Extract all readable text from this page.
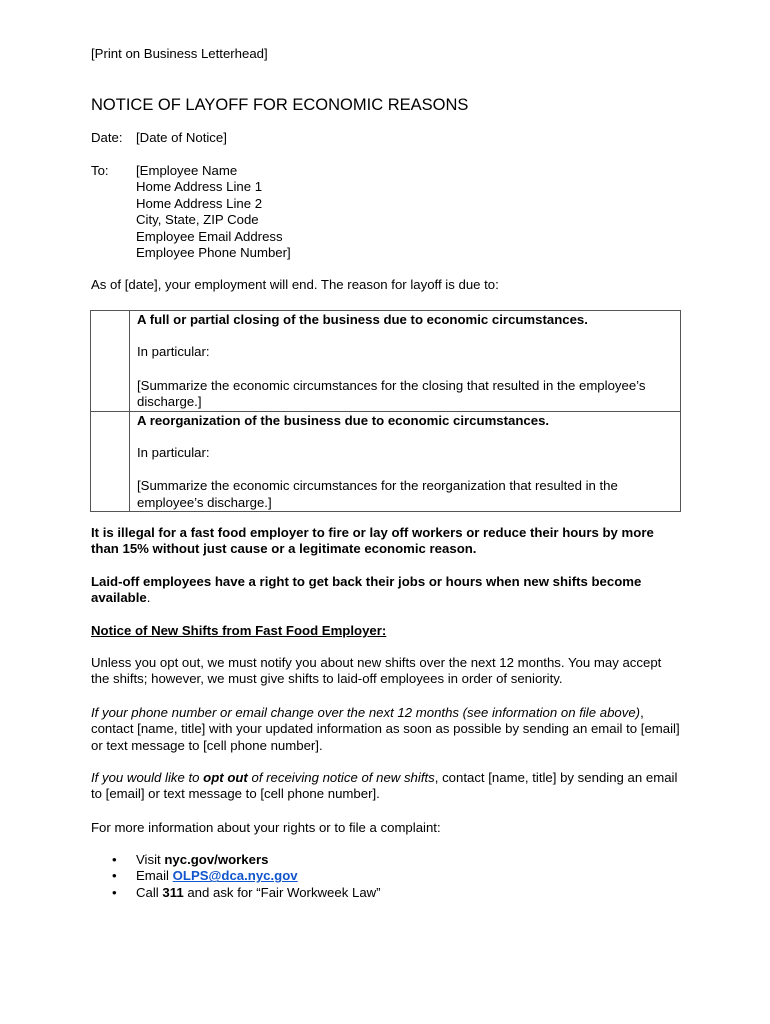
[Print on Business Letterhead]

NOTICE OF LAYOFF FOR ECONOMIC REASONS
Date:	[Date of Notice]
To:	[Employee Name
Home Address Line 1
Home Address Line 2
City, State, ZIP Code
Employee Email Address
Employee Phone Number]

As of [date], your employment will end. The reason for layoff is due to:

	A full or partial closing of the business due to economic circumstances.
In particular:
[Summarize the economic circumstances for the closing that resulted in the employee’s discharge.]

	A reorganization of the business due to economic circumstances.
In particular:
[Summarize the economic circumstances for the reorganization that resulted in the employee’s discharge.]

It is illegal for a fast food employer to fire or lay off workers or reduce their hours by more than 15% without just cause or a legitimate economic reason.

Laid-off employees have a right to get back their jobs or hours when new shifts become available.

Notice of New Shifts from Fast Food Employer:

Unless you opt out, we must notify you about new shifts over the next 12 months. You may accept the shifts; however, we must give shifts to laid-off employees in order of seniority.

If your phone number or email change over the next 12 months (see information on file above), contact [name, title] with your updated information as soon as possible by sending an email to [email] or text message to [cell phone number].

If you would like to opt out of receiving notice of new shifts, contact [name, title] by sending an email to [email] or text message to [cell phone number].

For more information about your rights or to file a complaint:

• Visit nyc.gov/workers
• Email OLPS@dca.nyc.gov
• Call 311 and ask for “Fair Workweek Law”
